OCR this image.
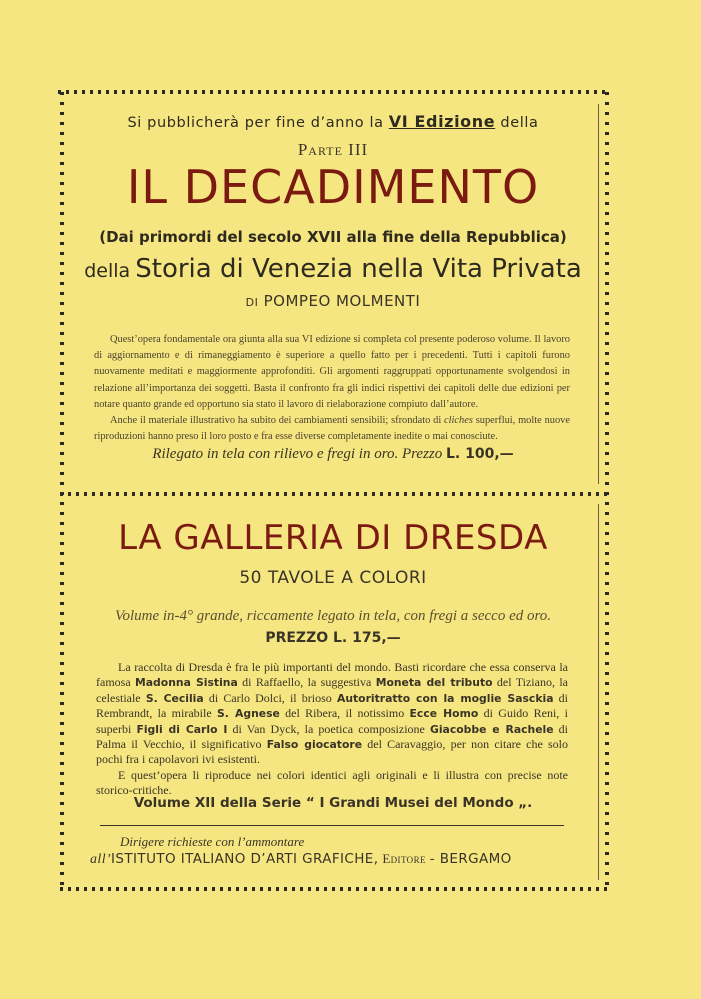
Si pubblicherà per fine d’anno la VI Edizione della
Parte III
IL DECADIMENTO
(Dai primordi del secolo XVII alla fine della Repubblica)
della Storia di Venezia nella Vita Privata
DI POMPEO MOLMENTI

Quest’opera fondamentale ora giunta alla sua VI edizione si completa col presente poderoso volume. Il lavoro di aggiornamento e di rimaneggiamento è superiore a quello fatto per i precedenti. Tutti i capitoli furono nuovamente meditati e maggiormente approfonditi. Gli argomenti raggruppati opportunamente svolgendosi in relazione all’importanza dei soggetti. Basta il confronto fra gli indici rispettivi dei capitoli delle due edizioni per notare quanto grande ed opportuno sia stato il lavoro di rielaborazione compiuto dall’autore.

Anche il materiale illustrativo ha subito dei cambiamenti sensibili; sfrondato di cliches superflui, molte nuove riproduzioni hanno preso il loro posto e fra esse diverse completamente inedite o mai conosciute.

Rilegato in tela con rilievo e fregi in oro. Prezzo L. 100,—
LA GALLERIA DI DRESDA
50 TAVOLE A COLORI
Volume in-4° grande, riccamente legato in tela, con fregi a secco ed oro.
PREZZO L. 175,—

La raccolta di Dresda è fra le più importanti del mondo. Basti ricordare che essa conserva la famosa Madonna Sistina di Raffaello, la suggestiva Moneta del tributo del Tiziano, la celestiale S. Cecilia di Carlo Dolci, il brioso Autoritratto con la moglie Sasckia di Rembrandt, la mirabile S. Agnese del Ribera, il notissimo Ecce Homo di Guido Reni, i superbi Figli di Carlo I di Van Dyck, la poetica composizione Giacobbe e Rachele di Palma il Vecchio, il significativo Falso giocatore del Caravaggio, per non citare che solo pochi fra i capolavori ivi esistenti.

E quest’opera li riproduce nei colori identici agli originali e li illustra con precise note storico-critiche.

Volume XII della Serie “ I Grandi Musei del Mondo „.
Dirigere richieste con l’ammontare
all’ISTITUTO ITALIANO D’ARTI GRAFICHE, Editore - BERGAMO
